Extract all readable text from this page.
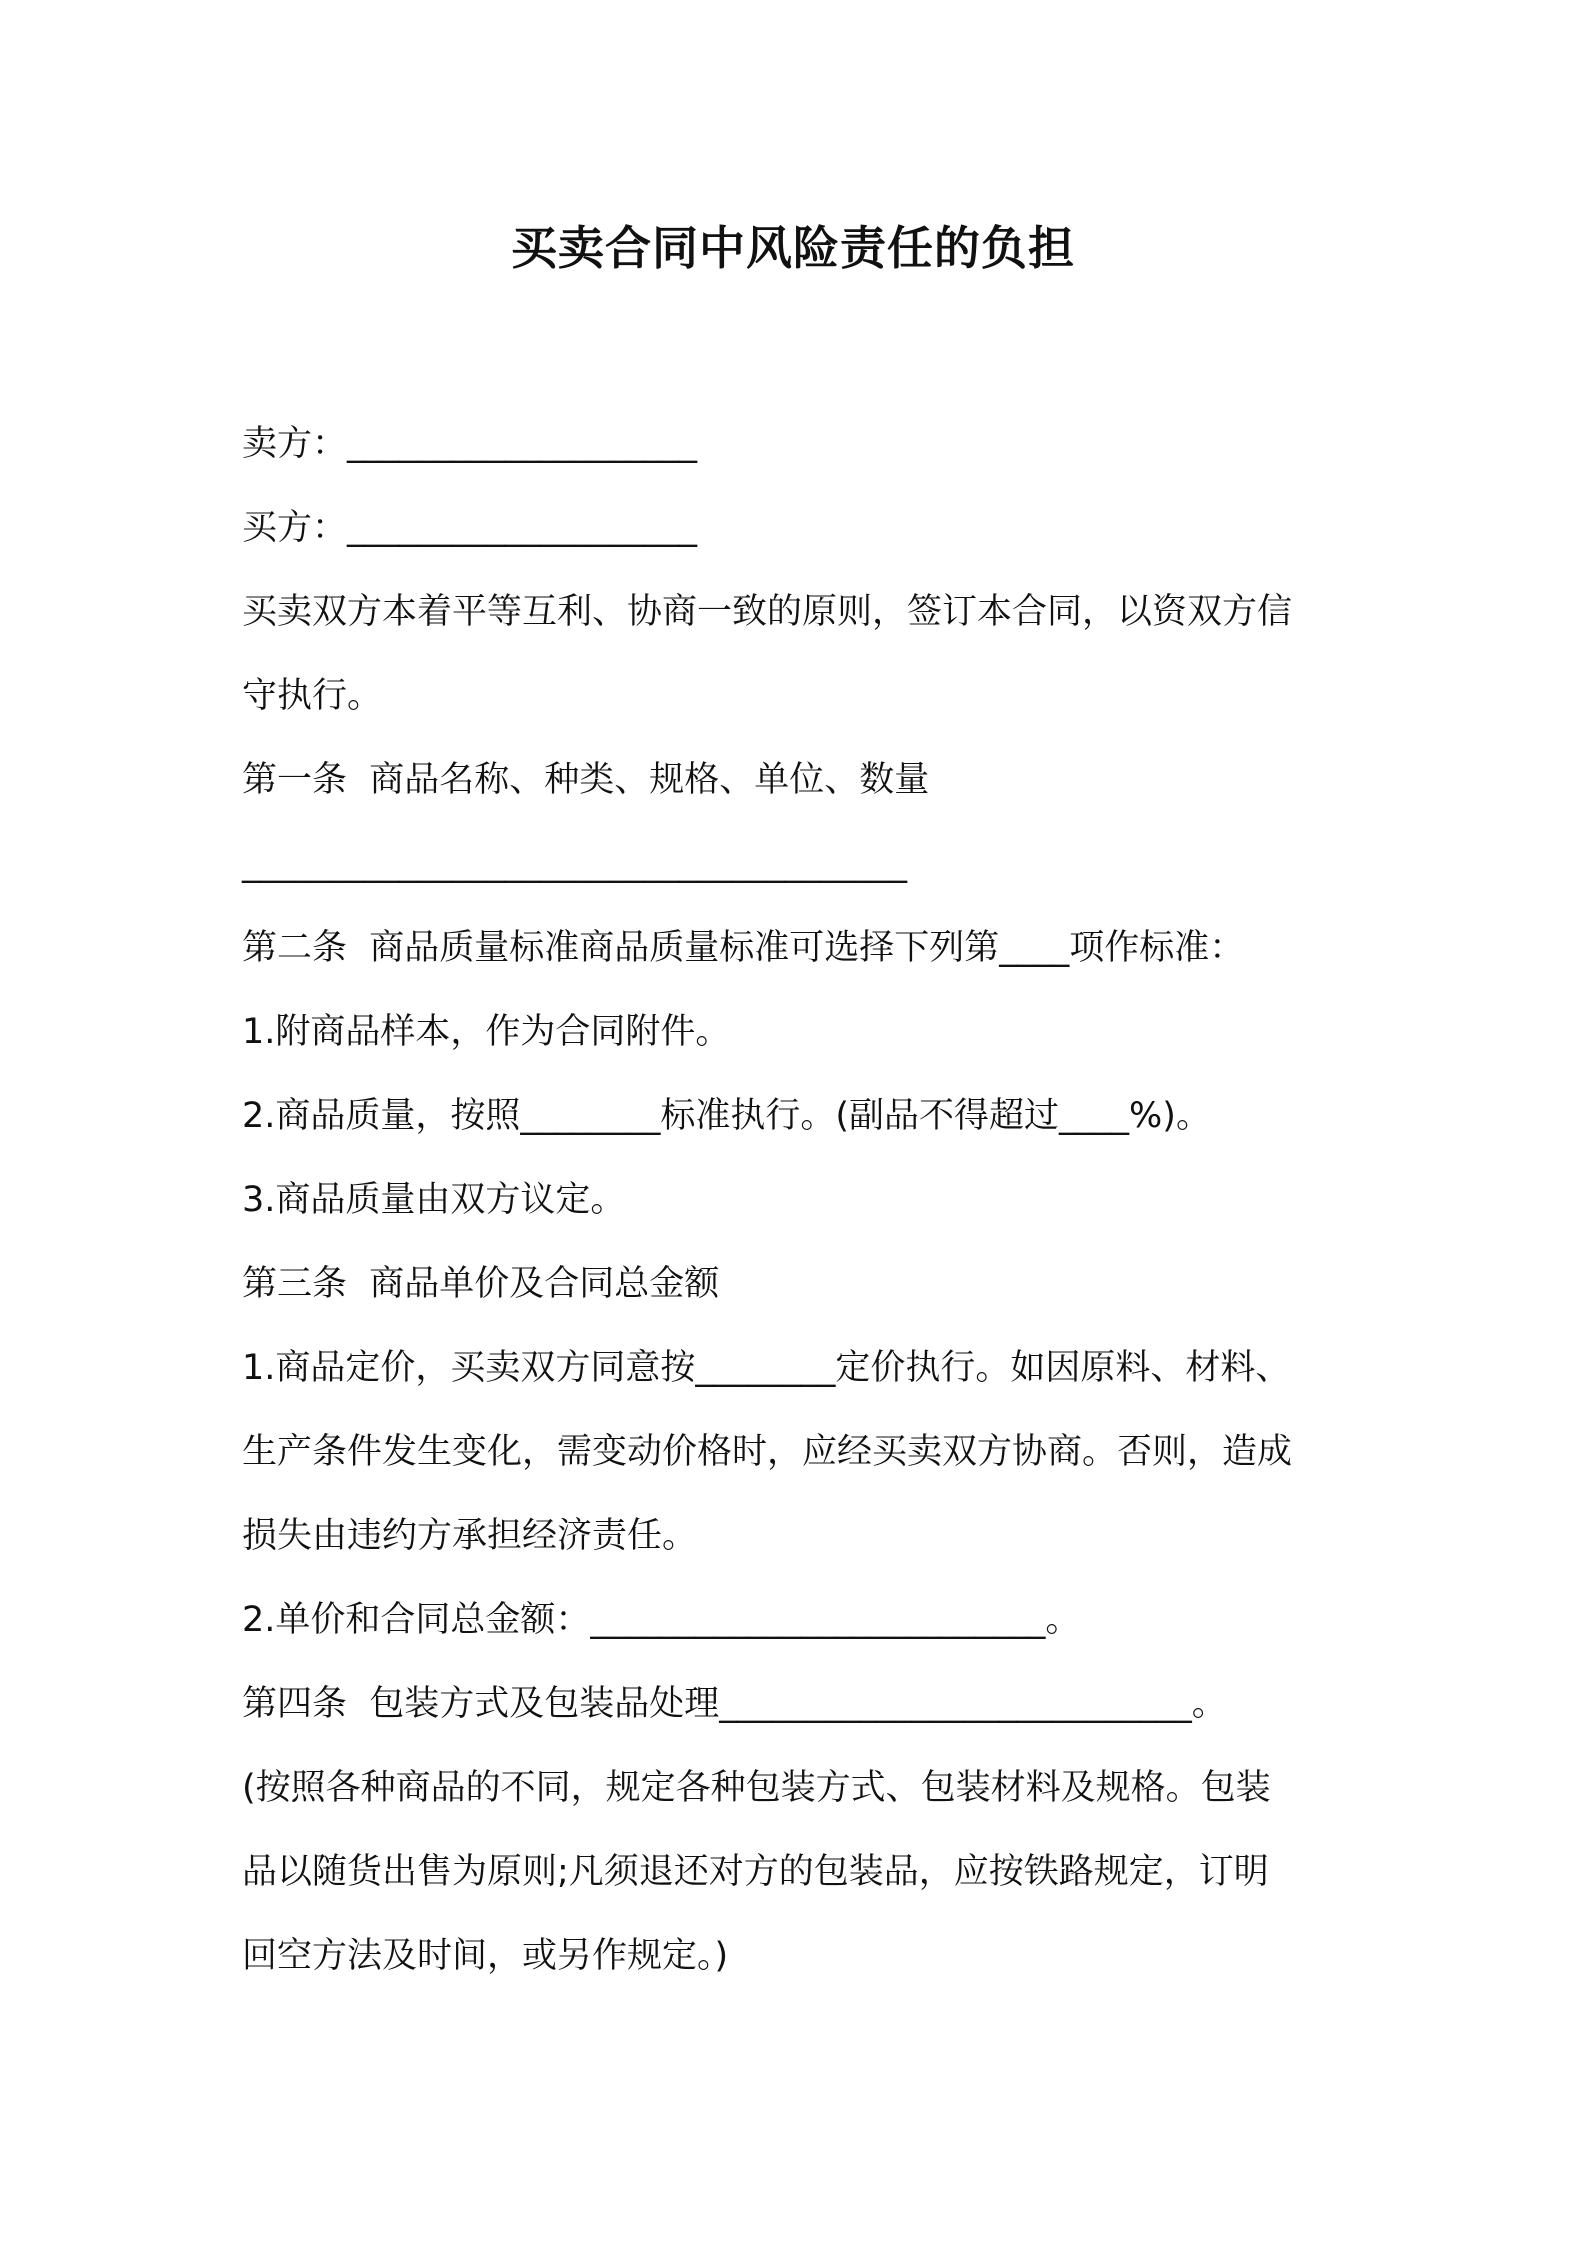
买卖合同中风险责任的负担
卖方：____________________
买方：____________________
买卖双方本着平等互利、协商一致的原则，签订本合同，以资双方信
守执行。
第一条  商品名称、种类、规格、单位、数量
______________________________________
第二条  商品质量标准商品质量标准可选择下列第____项作标准：
1.附商品样本，作为合同附件。
2.商品质量，按照________标准执行。(副品不得超过____%)。
3.商品质量由双方议定。
第三条  商品单价及合同总金额
1.商品定价，买卖双方同意按________定价执行。如因原料、材料、
生产条件发生变化，需变动价格时，应经买卖双方协商。否则，造成
损失由违约方承担经济责任。
2.单价和合同总金额：__________________________。
第四条  包装方式及包装品处理___________________________。
(按照各种商品的不同，规定各种包装方式、包装材料及规格。包装
品以随货出售为原则;凡须退还对方的包装品，应按铁路规定，订明
回空方法及时间，或另作规定。)
